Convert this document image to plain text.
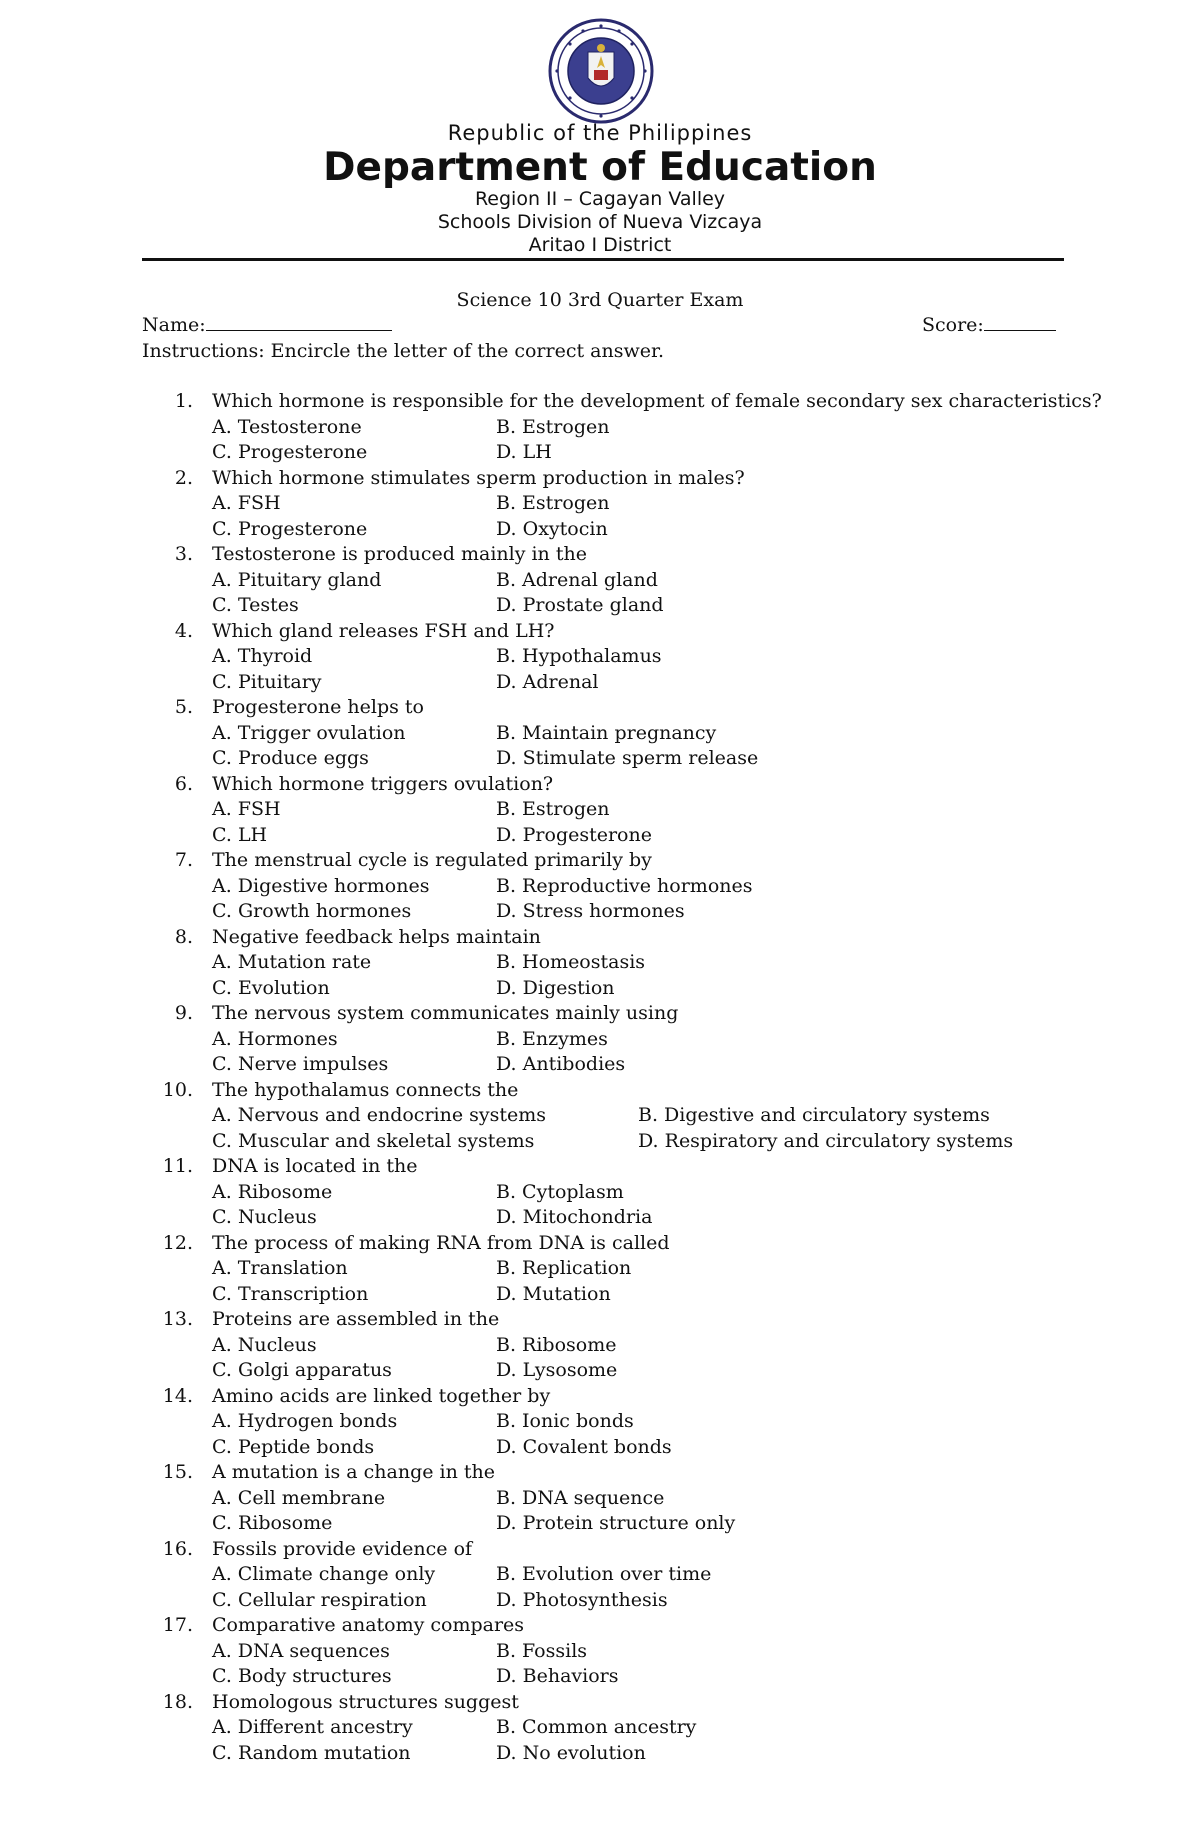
Republic of the Philippines
Department of Education
Region II – Cagayan Valley
Schools Division of Nueva Vizcaya
Aritao I District
Science 10 3rd Quarter Exam
Name:	Score:
Instructions: Encircle the letter of the correct answer.
1. Which hormone is responsible for the development of female secondary sex characteristics?
A. Testosterone	B. Estrogen
C. Progesterone	D. LH
2. Which hormone stimulates sperm production in males?
A. FSH	B. Estrogen
C. Progesterone	D. Oxytocin
3. Testosterone is produced mainly in the
A. Pituitary gland	B. Adrenal gland
C. Testes	D. Prostate gland
4. Which gland releases FSH and LH?
A. Thyroid	B. Hypothalamus
C. Pituitary	D. Adrenal
5. Progesterone helps to
A. Trigger ovulation	B. Maintain pregnancy
C. Produce eggs	D. Stimulate sperm release
6. Which hormone triggers ovulation?
A. FSH	B. Estrogen
C. LH	D. Progesterone
7. The menstrual cycle is regulated primarily by
A. Digestive hormones	B. Reproductive hormones
C. Growth hormones	D. Stress hormones
8. Negative feedback helps maintain
A. Mutation rate	B. Homeostasis
C. Evolution	D. Digestion
9. The nervous system communicates mainly using
A. Hormones	B. Enzymes
C. Nerve impulses	D. Antibodies
10. The hypothalamus connects the
A. Nervous and endocrine systems	B. Digestive and circulatory systems
C. Muscular and skeletal systems	D. Respiratory and circulatory systems
11. DNA is located in the
A. Ribosome	B. Cytoplasm
C. Nucleus	D. Mitochondria
12. The process of making RNA from DNA is called
A. Translation	B. Replication
C. Transcription	D. Mutation
13. Proteins are assembled in the
A. Nucleus	B. Ribosome
C. Golgi apparatus	D. Lysosome
14. Amino acids are linked together by
A. Hydrogen bonds	B. Ionic bonds
C. Peptide bonds	D. Covalent bonds
15. A mutation is a change in the
A. Cell membrane	B. DNA sequence
C. Ribosome	D. Protein structure only
16. Fossils provide evidence of
A. Climate change only	B. Evolution over time
C. Cellular respiration	D. Photosynthesis
17. Comparative anatomy compares
A. DNA sequences	B. Fossils
C. Body structures	D. Behaviors
18. Homologous structures suggest
A. Different ancestry	B. Common ancestry
C. Random mutation	D. No evolution
